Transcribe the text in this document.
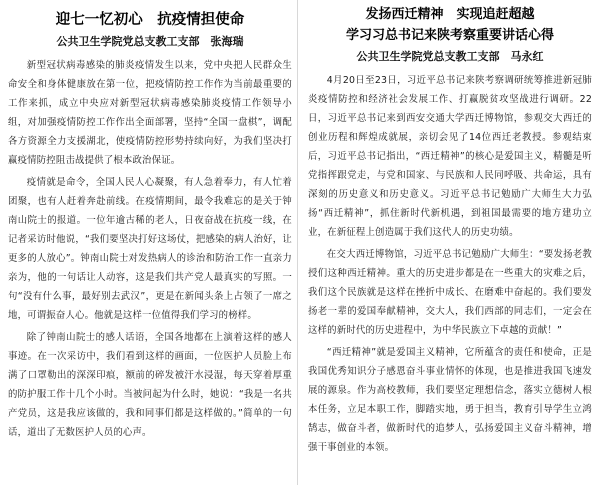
迎七一忆初心　抗疫情担使命
公共卫生学院党总支教工支部　张海瑞

新型冠状病毒感染的肺炎疫情发生以来，党中央把人民群众生命安全和身体健康放在第一位，把疫情防控工作作为当前最重要的工作来抓，成立中央应对新型冠状病毒感染肺炎疫情工作领导小组，对加强疫情防控工作作出全面部署，坚持“全国一盘棋”，调配各方资源全力支援湖北，使疫情防控形势持续向好，为我们坚决打赢疫情防控阻击战提供了根本政治保证。

疫情就是命令，全国人民人心凝聚，有人急着奉力，有人忙着团聚，也有人赶着奔赴前线。在疫情期间，最令我难忘的是关于钟南山院士的报道。一位年逾古稀的老人，日夜奋战在抗疫一线，在记者采访时他说，“我们要坚决打好这场仗，把感染的病人治好，让更多的人放心”。钟南山院士对发热病人的诊治和防治工作一直亲力亲为，他的一句话让人动容，这是我们共产党人最真实的写照。一句“没有什么事，最好别去武汉”，更是在新闻头条上占领了一席之地，可谓振奋人心。他就是这样一位值得我们学习的榜样。

除了钟南山院士的感人话语，全国各地都在上演着这样的感人事迹。在一次采访中，我们看到这样的画面，一位医护人员脸上布满了口罩勒出的深深印痕，额前的碎发被汗水浸湿，每天穿着厚重的防护服工作十几个小时。当被问起为什么时，她说：“我是一名共产党员，这是我应该做的，我和同事们都是这样做的。”简单的一句话，道出了无数医护人员的心声。

发扬西迁精神　实现追赶超越
学习习总书记来陕考察重要讲话心得
公共卫生学院党总支教工支部　马永红

4月20日至23日，习近平总书记来陕考察调研统筹推进新冠肺炎疫情防控和经济社会发展工作、打赢脱贫攻坚战进行调研。22日，习近平总书记来到西安交通大学西迁博物馆，参观交大西迁的创业历程和辉煌成就展，亲切会见了14位西迁老教授。参观结束后，习近平总书记指出，“西迁精神”的核心是爱国主义，精髓是听党指挥跟党走，与党和国家、与民族和人民同呼吸、共命运，具有深刻的历史意义和历史意义。习近平总书记勉励广大师生大力弘扬“西迁精神”，抓住新时代新机遇，到祖国最需要的地方建功立业，在新征程上创造属于我们这代人的历史功绩。

在交大西迁博物馆，习近平总书记勉励广大师生：“要发扬老教授们这种西迁精神。重大的历史进步都是在一些重大的灾难之后，我们这个民族就是这样在挫折中成长、在磨难中奋起的。我们要发扬老一辈的爱国奉献精神，交大人，我们西部的同志们，一定会在这样的新时代的历史进程中，为中华民族立下卓越的贡献！”

“西迁精神”就是爱国主义精神，它所蕴含的责任和使命，正是我国优秀知识分子感恩奋斗事业情怀的体现，也是推进我国飞速发展的源泉。作为高校教师，我们要坚定理想信念，落实立德树人根本任务，立足本职工作，脚踏实地，勇于担当，教育引导学生立鸿鹄志，做奋斗者，做新时代的追梦人，弘扬爱国主义奋斗精神，增强干事创业的本领。
